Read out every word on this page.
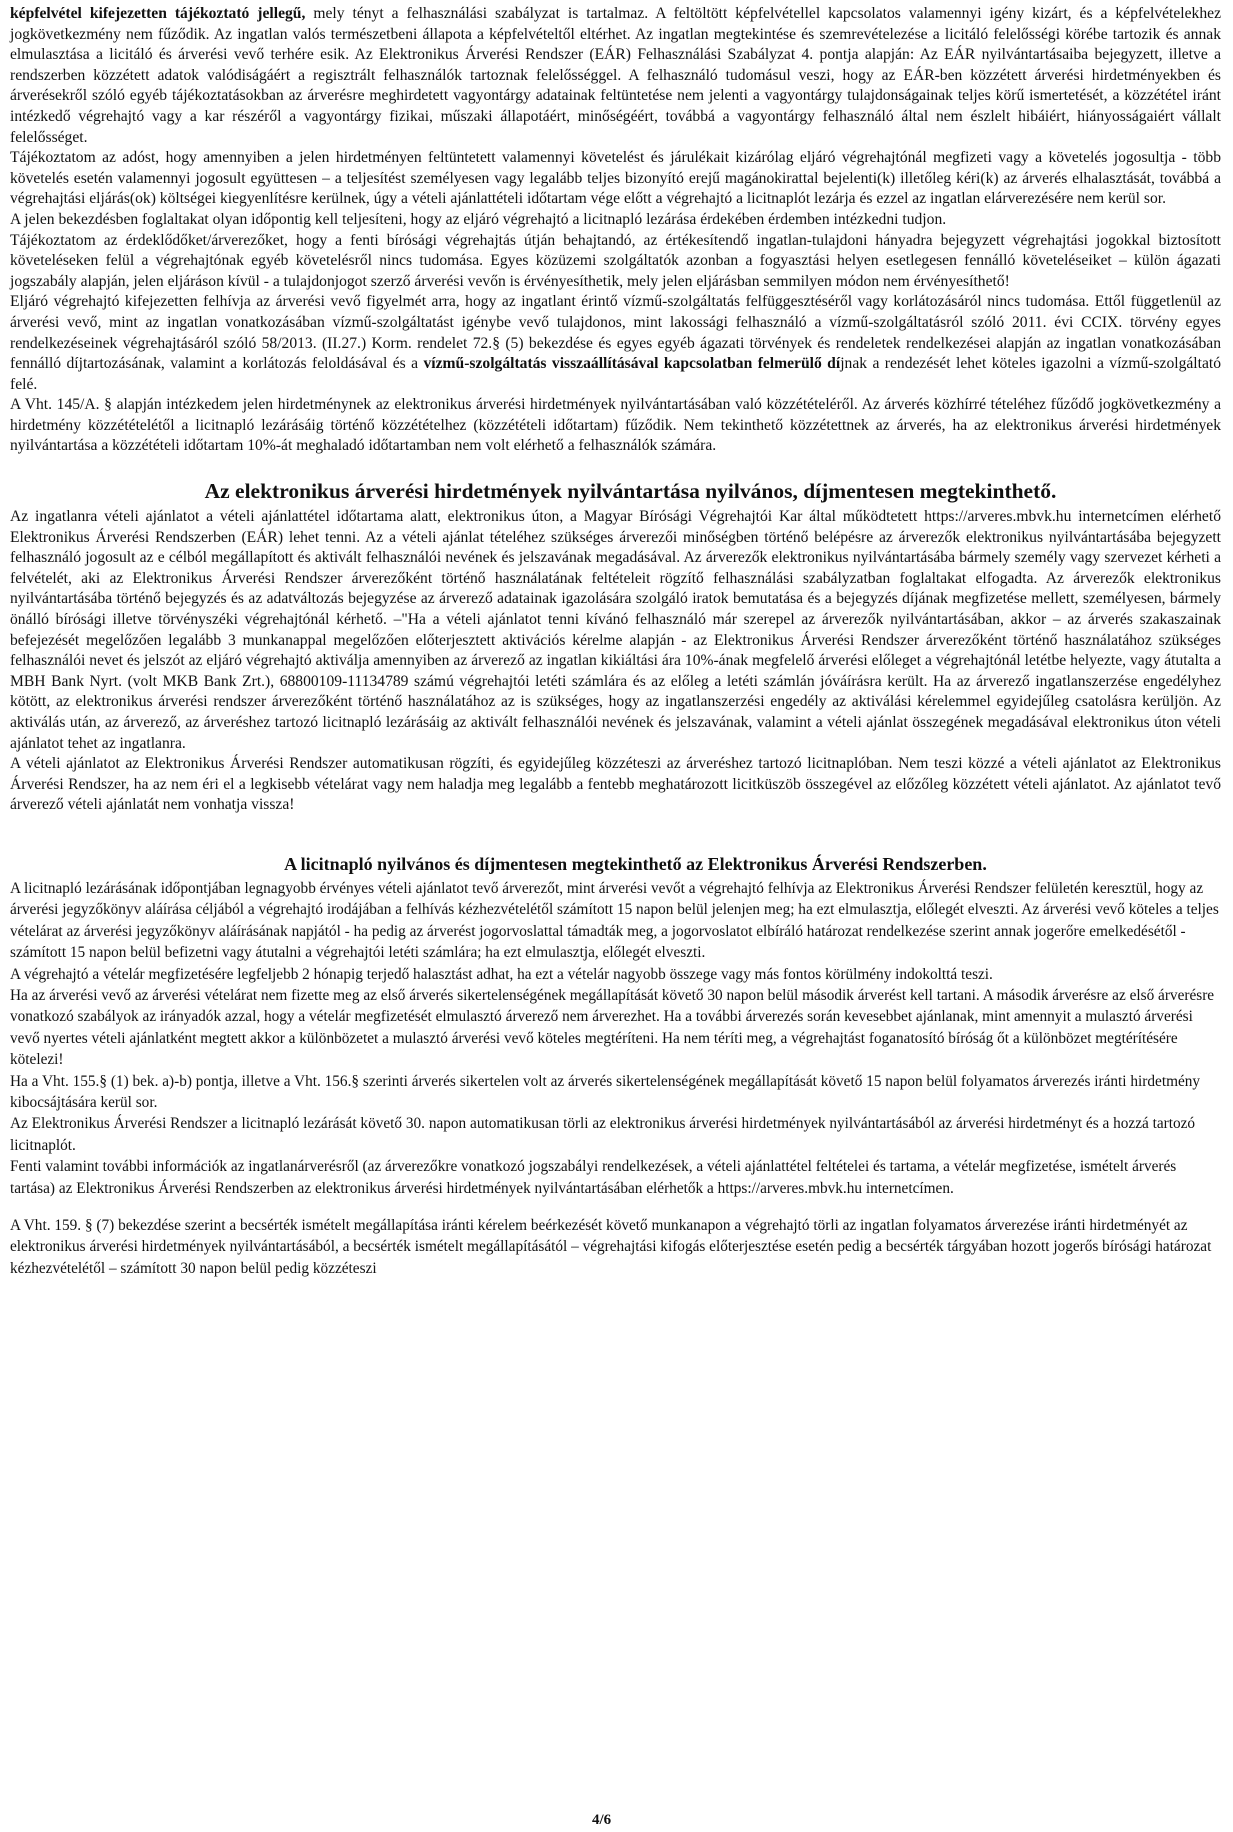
képfelvétel kifejezetten tájékoztató jellegű, mely tényt a felhasználási szabályzat is tartalmaz. A feltöltött képfelvétellel kapcsolatos valamennyi igény kizárt, és a képfelvételekhez jogkövetkezmény nem fűződik. Az ingatlan valós természetbeni állapota a képfelvételtől eltérhet. Az ingatlan megtekintése és szemrevételezése a licitáló felelősségi körébe tartozik és annak elmulasztása a licitáló és árverési vevő terhére esik. Az Elektronikus Árverési Rendszer (EÁR) Felhasználási Szabályzat 4. pontja alapján: Az EÁR nyilvántartásaiba bejegyzett, illetve a rendszerben közzétett adatok valódiságáért a regisztrált felhasználók tartoznak felelősséggel. A felhasználó tudomásul veszi, hogy az EÁR-ben közzétett árverési hirdetményekben és árverésekről szóló egyéb tájékoztatásokban az árverésre meghirdetett vagyontárgy adatainak feltüntetése nem jelenti a vagyontárgy tulajdonságainak teljes körű ismertetését, a közzététel iránt intézkedő végrehajtó vagy a kar részéről a vagyontárgy fizikai, műszaki állapotáért, minőségéért, továbbá a vagyontárgy felhasználó által nem észlelt hibáiért, hiányosságaiért vállalt felelősséget.

Tájékoztatom az adóst, hogy amennyiben a jelen hirdetményen feltüntetett valamennyi követelést és járulékait kizárólag eljáró végrehajtónál megfizeti vagy a követelés jogosultja - több követelés esetén valamennyi jogosult együttesen – a teljesítést személyesen vagy legalább teljes bizonyító erejű magánokirattal bejelenti(k) illetőleg kéri(k) az árverés elhalasztását, továbbá a végrehajtási eljárás(ok) költségei kiegyenlítésre kerülnek, úgy a vételi ajánlattételi időtartam vége előtt a végrehajtó a licitnaplót lezárja és ezzel az ingatlan elárverezésére nem kerül sor.

A jelen bekezdésben foglaltakat olyan időpontig kell teljesíteni, hogy az eljáró végrehajtó a licitnapló lezárása érdekében érdemben intézkedni tudjon.

Tájékoztatom az érdeklődőket/árverezőket, hogy a fenti bírósági végrehajtás útján behajtandó, az értékesítendő ingatlan-tulajdoni hányadra bejegyzett végrehajtási jogokkal biztosított követeléseken felül a végrehajtónak egyéb követelésről nincs tudomása. Egyes közüzemi szolgáltatók azonban a fogyasztási helyen esetlegesen fennálló követeléseiket – külön ágazati jogszabály alapján, jelen eljáráson kívül - a tulajdonjogot szerző árverési vevőn is érvényesíthetik, mely jelen eljárásban semmilyen módon nem érvényesíthető!

Eljáró végrehajtó kifejezetten felhívja az árverési vevő figyelmét arra, hogy az ingatlant érintő vízmű-szolgáltatás felfüggesztéséről vagy korlátozásáról nincs tudomása. Ettől függetlenül az árverési vevő, mint az ingatlan vonatkozásában vízmű-szolgáltatást igénybe vevő tulajdonos, mint lakossági felhasználó a vízmű-szolgáltatásról szóló 2011. évi CCIX. törvény egyes rendelkezéseinek végrehajtásáról szóló 58/2013. (II.27.) Korm. rendelet 72.§ (5) bekezdése és egyes egyéb ágazati törvények és rendeletek rendelkezései alapján az ingatlan vonatkozásában fennálló díjtartozásának, valamint a korlátozás feloldásával és a vízmű-szolgáltatás visszaállításával kapcsolatban felmerülő díjnak a rendezését lehet köteles igazolni a vízmű-szolgáltató felé.

A Vht. 145/A. § alapján intézkedem jelen hirdetménynek az elektronikus árverési hirdetmények nyilvántartásában való közzétételéről. Az árverés közhírré tételéhez fűződő jogkövetkezmény a hirdetmény közzétételétől a licitnapló lezárásáig történő közzétételhez (közzétételi időtartam) fűződik. Nem tekinthető közzétettnek az árverés, ha az elektronikus árverési hirdetmények nyilvántartása a közzétételi időtartam 10%-át meghaladó időtartamban nem volt elérhető a felhasználók számára.

Az elektronikus árverési hirdetmények nyilvántartása nyilvános, díjmentesen megtekinthető.

Az ingatlanra vételi ajánlatot a vételi ajánlattétel időtartama alatt, elektronikus úton, a Magyar Bírósági Végrehajtói Kar által működtetett https://arveres.mbvk.hu internetcímen elérhető Elektronikus Árverési Rendszerben (EÁR) lehet tenni. Az a vételi ajánlat tételéhez szükséges árverezői minőségben történő belépésre az árverezők elektronikus nyilvántartásába bejegyzett felhasználó jogosult az e célból megállapított és aktivált felhasználói nevének és jelszavának megadásával. Az árverezők elektronikus nyilvántartásába bármely személy vagy szervezet kérheti a felvételét, aki az Elektronikus Árverési Rendszer árverezőként történő használatának feltételeit rögzítő felhasználási szabályzatban foglaltakat elfogadta. Az árverezők elektronikus nyilvántartásába történő bejegyzés és az adatváltozás bejegyzése az árverező adatainak igazolására szolgáló iratok bemutatása és a bejegyzés díjának megfizetése mellett, személyesen, bármely önálló bírósági illetve törvényszéki végrehajtónál kérhető. –"Ha a vételi ajánlatot tenni kívánó felhasználó már szerepel az árverezők nyilvántartásában, akkor – az árverés szakaszainak befejezését megelőzően legalább 3 munkanappal megelőzően előterjesztett aktivációs kérelme alapján - az Elektronikus Árverési Rendszer árverezőként történő használatához szükséges felhasználói nevet és jelszót az eljáró végrehajtó aktiválja amennyiben az árverező az ingatlan kikiáltási ára 10%-ának megfelelő árverési előleget a végrehajtónál letétbe helyezte, vagy átutalta a MBH Bank Nyrt. (volt MKB Bank Zrt.), 68800109-11134789 számú végrehajtói letéti számlára és az előleg a letéti számlán jóváírásra került. Ha az árverező ingatlanszerzése engedélyhez kötött, az elektronikus árverési rendszer árverezőként történő használatához az is szükséges, hogy az ingatlanszerzési engedély az aktiválási kérelemmel egyidejűleg csatolásra kerüljön. Az aktiválás után, az árverező, az árveréshez tartozó licitnapló lezárásáig az aktivált felhasználói nevének és jelszavának, valamint a vételi ajánlat összegének megadásával elektronikus úton vételi ajánlatot tehet az ingatlanra.

A vételi ajánlatot az Elektronikus Árverési Rendszer automatikusan rögzíti, és egyidejűleg közzéteszi az árveréshez tartozó licitnaplóban. Nem teszi közzé a vételi ajánlatot az Elektronikus Árverési Rendszer, ha az nem éri el a legkisebb vételárat vagy nem haladja meg legalább a fentebb meghatározott licitküszöb összegével az előzőleg közzétett vételi ajánlatot. Az ajánlatot tevő árverező vételi ajánlatát nem vonhatja vissza!

A licitnapló nyilvános és díjmentesen megtekinthető az Elektronikus Árverési Rendszerben.

A licitnapló lezárásának időpontjában legnagyobb érvényes vételi ajánlatot tevő árverezőt, mint árverési vevőt a végrehajtó felhívja az Elektronikus Árverési Rendszer felületén keresztül, hogy az árverési jegyzőkönyv aláírása céljából a végrehajtó irodájában a felhívás kézhezvételétől számított 15 napon belül jelenjen meg; ha ezt elmulasztja, előlegét elveszti. Az árverési vevő köteles a teljes vételárat az árverési jegyzőkönyv aláírásának napjától - ha pedig az árverést jogorvoslattal támadták meg, a jogorvoslatot elbíráló határozat rendelkezése szerint annak jogerőre emelkedésétől - számított 15 napon belül befizetni vagy átutalni a végrehajtói letéti számlára; ha ezt elmulasztja, előlegét elveszti.

A végrehajtó a vételár megfizetésére legfeljebb 2 hónapig terjedő halasztást adhat, ha ezt a vételár nagyobb összege vagy más fontos körülmény indokolttá teszi.

Ha az árverési vevő az árverési vételárat nem fizette meg az első árverés sikertelenségének megállapítását követő 30 napon belül második árverést kell tartani. A második árverésre az első árverésre vonatkozó szabályok az irányadók azzal, hogy a vételár megfizetését elmulasztó árverező nem árverezhet. Ha a további árverezés során kevesebbet ajánlanak, mint amennyit a mulasztó árverési vevő nyertes vételi ajánlatként megtett akkor a különbözetet a mulasztó árverési vevő köteles megtéríteni. Ha nem téríti meg, a végrehajtást foganatosító bíróság őt a különbözet megtérítésére kötelezi!

Ha a Vht. 155.§ (1) bek. a)-b) pontja, illetve a Vht. 156.§ szerinti árverés sikertelen volt az árverés sikertelenségének megállapítását követő 15 napon belül folyamatos árverezés iránti hirdetmény kibocsájtására kerül sor.

Az Elektronikus Árverési Rendszer a licitnapló lezárását követő 30. napon automatikusan törli az elektronikus árverési hirdetmények nyilvántartásából az árverési hirdetményt és a hozzá tartozó licitnaplót.

Fenti valamint további információk az ingatlanárverésről (az árverezőkre vonatkozó jogszabályi rendelkezések, a vételi ajánlattétel feltételei és tartama, a vételár megfizetése, ismételt árverés tartása) az Elektronikus Árverési Rendszerben az elektronikus árverési hirdetmények nyilvántartásában elérhetők a https://arveres.mbvk.hu internetcímen.

A Vht. 159. § (7) bekezdése szerint a becsérték ismételt megállapítása iránti kérelem beérkezését követő munkanapon a végrehajtó törli az ingatlan folyamatos árverezése iránti hirdetményét az elektronikus árverési hirdetmények nyilvántartásából, a becsérték ismételt megállapításától – végrehajtási kifogás előterjesztése esetén pedig a becsérték tárgyában hozott jogerős bírósági határozat kézhezvételétől – számított 30 napon belül pedig közzéteszi

4/6
